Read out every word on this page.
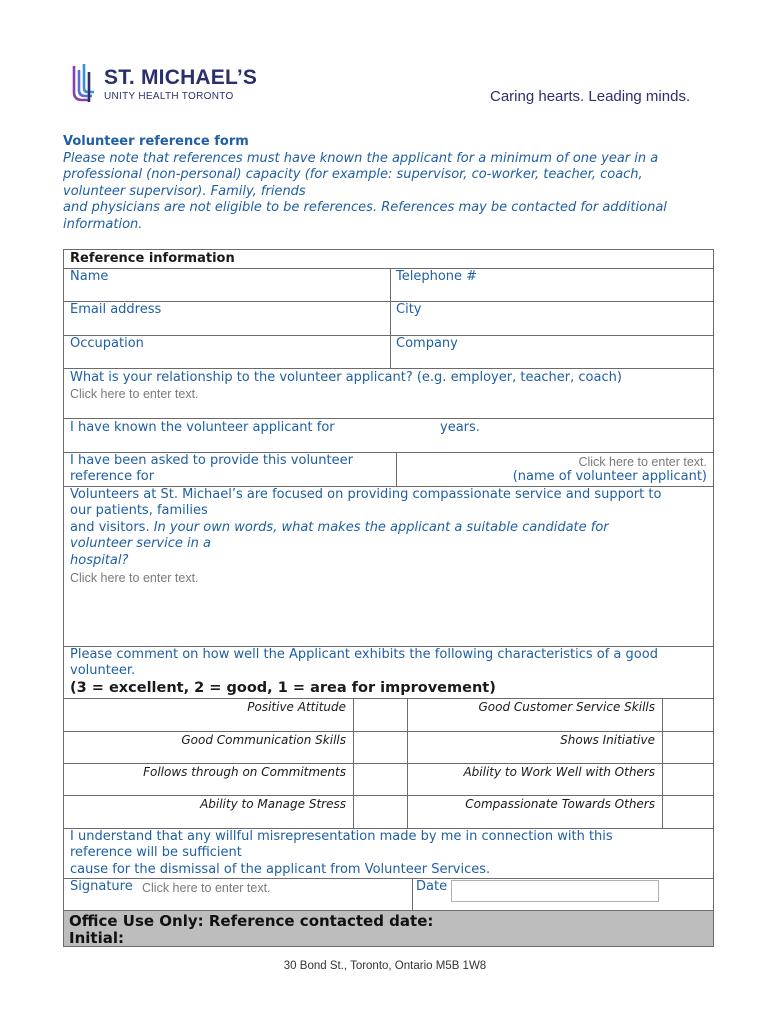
ST. MICHAEL’S
UNITY HEALTH TORONTO	Caring hearts. Leading minds.
Volunteer reference form
Please note that references must have known the applicant for a minimum of one year in a
professional (non-personal) capacity (for example: supervisor, co-worker, teacher, coach,
volunteer supervisor). Family, friends
and physicians are not eligible to be references. References may be contacted for additional
information.
Reference information
Name	Telephone #
Email address	City
Occupation	Company
What is your relationship to the volunteer applicant? (e.g. employer, teacher, coach)
Click here to enter text.
I have known the volunteer applicant for	years.
I have been asked to provide this volunteer
reference for
Click here to enter text.
(name of volunteer applicant)
Volunteers at St. Michael’s are focused on providing compassionate service and support to
our patients, families
and visitors. In your own words, what makes the applicant a suitable candidate for
volunteer service in a
hospital?
Click here to enter text.
Please comment on how well the Applicant exhibits the following characteristics of a good
volunteer.
(3 = excellent, 2 = good, 1 = area for improvement)
Positive Attitude	Good Customer Service Skills
Good Communication Skills	Shows Initiative
Follows through on Commitments	Ability to Work Well with Others
Ability to Manage Stress	Compassionate Towards Others
I understand that any willful misrepresentation made by me in connection with this
reference will be sufficient
cause for the dismissal of the applicant from Volunteer Services.
Signature Click here to enter text.	Date
Office Use Only: Reference contacted date:
Initial:
30 Bond St., Toronto, Ontario M5B 1W8
